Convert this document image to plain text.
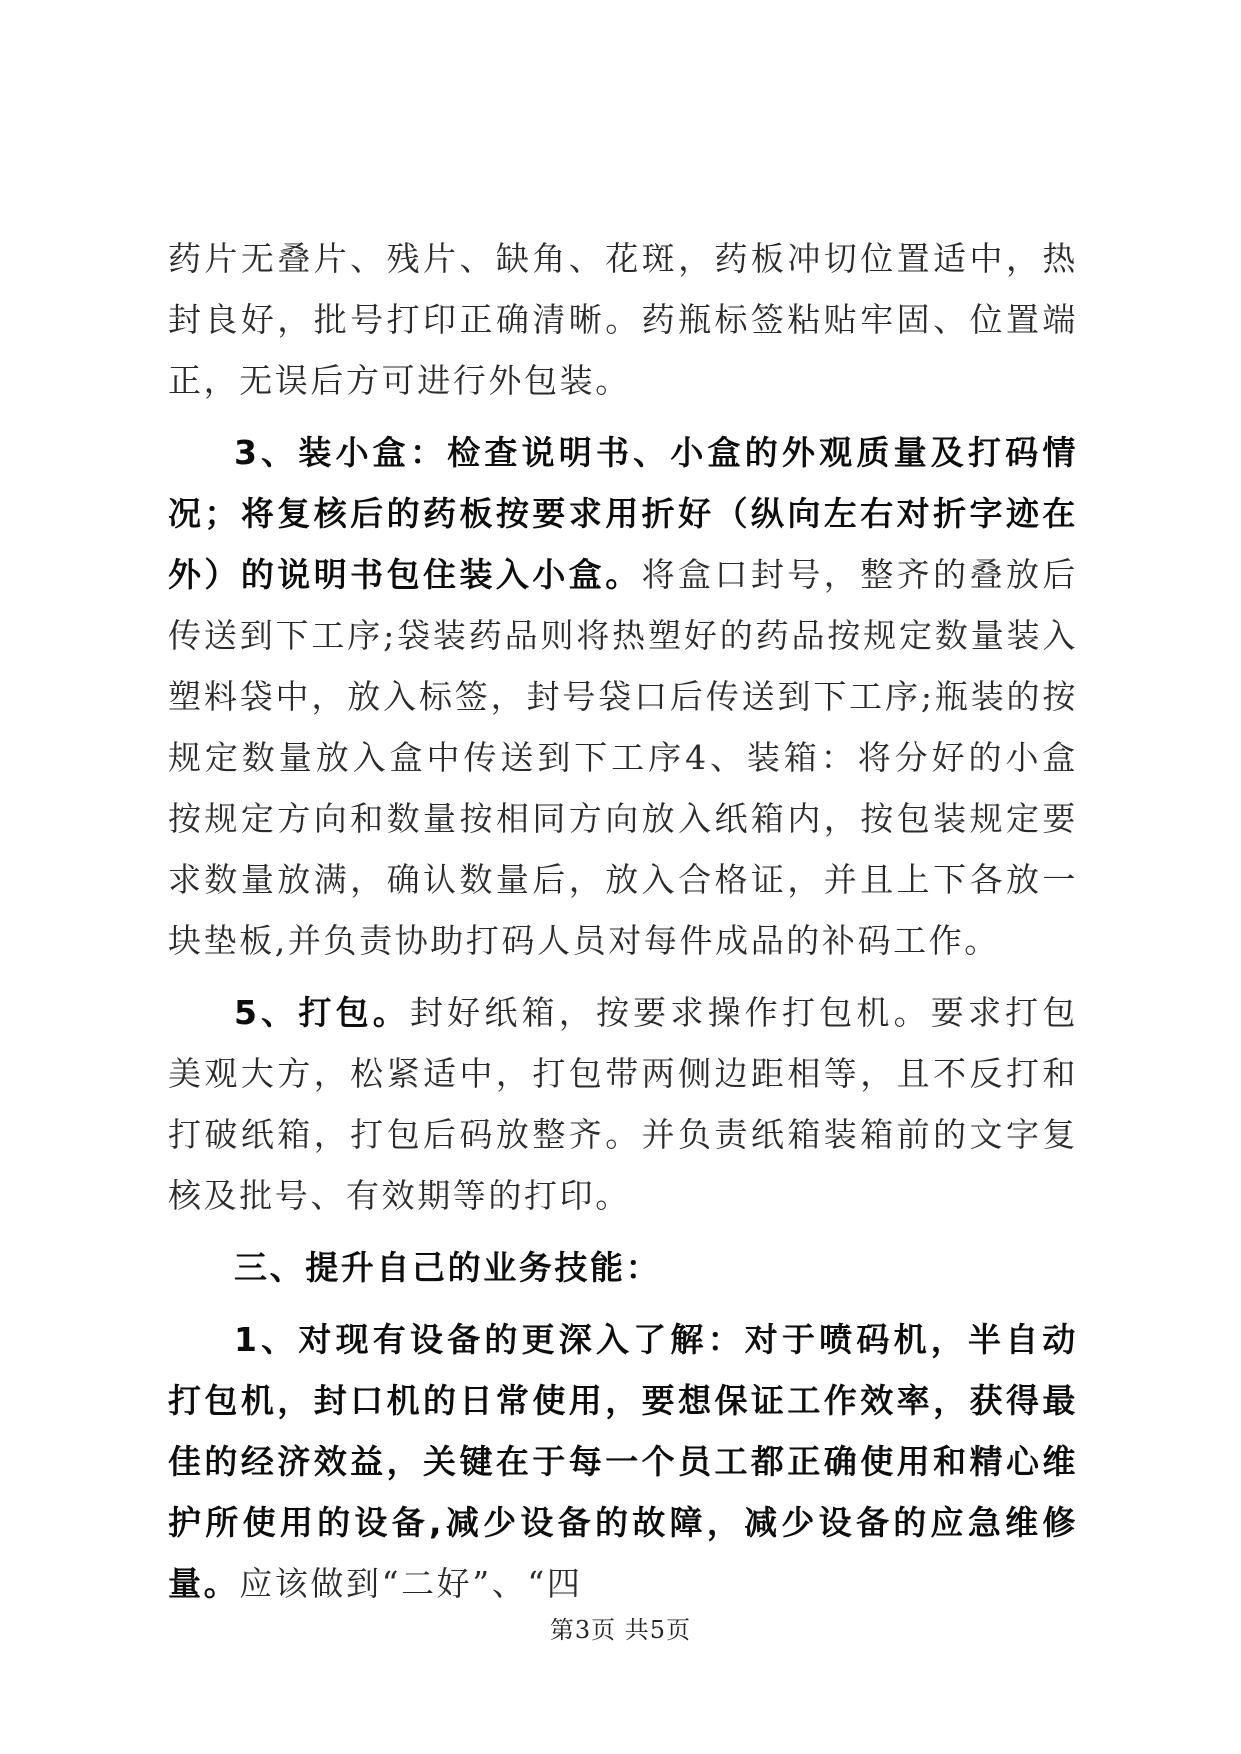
药片无叠片、残片、缺角、花斑，药板冲切位置适中，热封良好，批号打印正确清晰。药瓶标签粘贴牢固、位置端正，无误后方可进行外包装。

3、装小盒：检查说明书、小盒的外观质量及打码情况；将复核后的药板按要求用折好（纵向左右对折字迹在外）的说明书包住装入小盒。将盒口封号，整齐的叠放后传送到下工序;袋装药品则将热塑好的药品按规定数量装入塑料袋中，放入标签，封号袋口后传送到下工序;瓶装的按规定数量放入盒中传送到下工序4、装箱：将分好的小盒按规定方向和数量按相同方向放入纸箱内，按包装规定要求数量放满，确认数量后，放入合格证，并且上下各放一块垫板,并负责协助打码人员对每件成品的补码工作。

5、打包。封好纸箱，按要求操作打包机。要求打包美观大方，松紧适中，打包带两侧边距相等，且不反打和打破纸箱，打包后码放整齐。并负责纸箱装箱前的文字复核及批号、有效期等的打印。

三、提升自己的业务技能：

1、对现有设备的更深入了解：对于喷码机，半自动打包机，封口机的日常使用，要想保证工作效率，获得最佳的经济效益，关键在于每一个员工都正确使用和精心维护所使用的设备,减少设备的故障，减少设备的应急维修量。应该做到“二好”、“四

第3页 共5页
